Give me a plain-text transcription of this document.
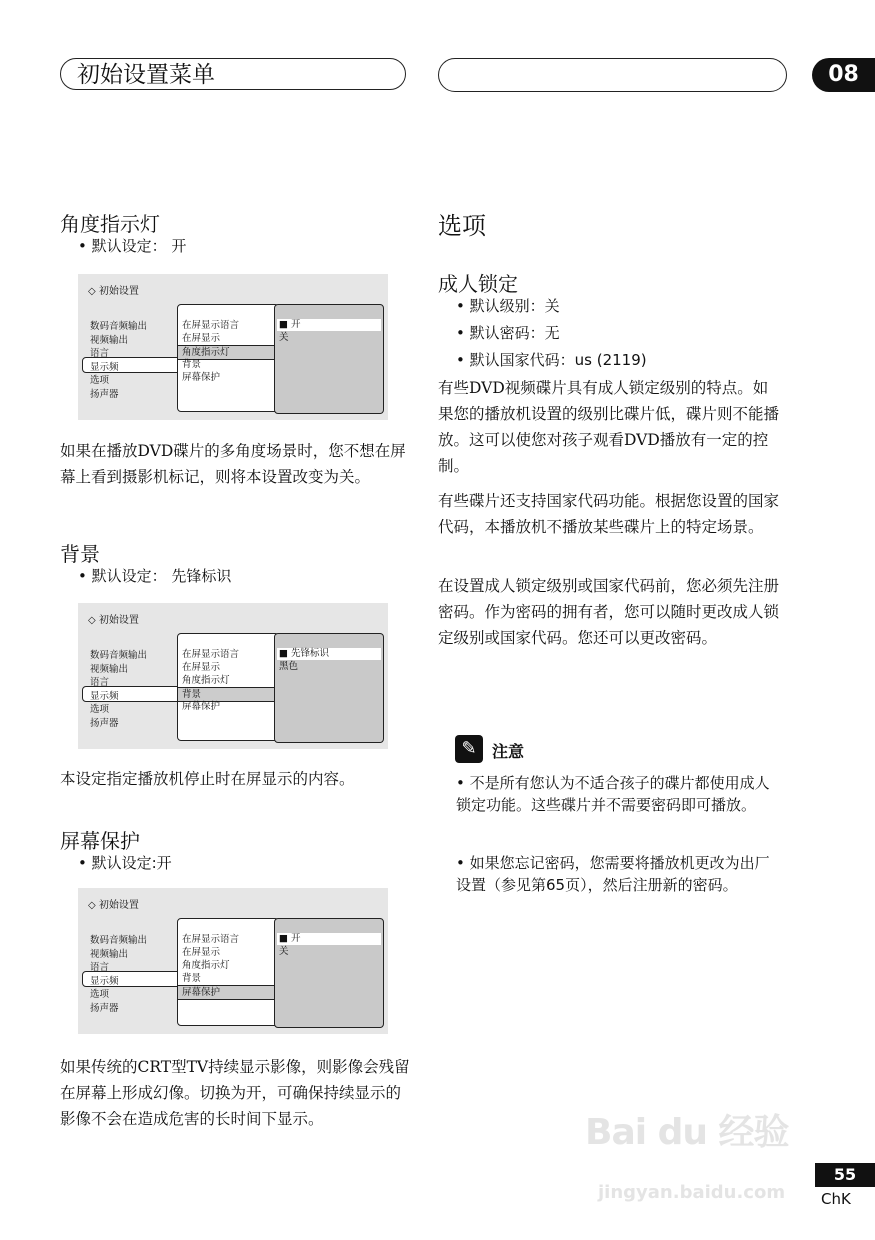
初始设置菜单	08
角度指示灯
• 默认设定： 开
◇ 初始设置
数码音频输出
视频输出
语言
显示频
选项
扬声器
在屏显示语言
在屏显示
角度指示灯
背景
屏幕保护
■ 开
关
如果在播放DVD碟片的多角度场景时，您不想在屏幕上看到摄影机标记，则将本设置改变为关。
背景
• 默认设定： 先锋标识
◇ 初始设置
数码音频输出
视频输出
语言
显示频
选项
扬声器
在屏显示语言
在屏显示
角度指示灯
背景
屏幕保护
■ 先锋标识
黑色
本设定指定播放机停止时在屏显示的内容。
屏幕保护
• 默认设定:开
◇ 初始设置
数码音频输出
视频输出
语言
显示频
选项
扬声器
在屏显示语言
在屏显示
角度指示灯
背景
屏幕保护
■ 开
关
如果传统的CRT型TV持续显示影像，则影像会残留在屏幕上形成幻像。切换为开，可确保持续显示的影像不会在造成危害的长时间下显示。
选项
成人锁定
• 默认级别：关
• 默认密码：无
• 默认国家代码：us (2119)
有些DVD视频碟片具有成人锁定级别的特点。如果您的播放机设置的级别比碟片低，碟片则不能播放。这可以使您对孩子观看DVD播放有一定的控制。
有些碟片还支持国家代码功能。根据您设置的国家代码，本播放机不播放某些碟片上的特定场景。
在设置成人锁定级别或国家代码前，您必须先注册密码。作为密码的拥有者，您可以随时更改成人锁定级别或国家代码。您还可以更改密码。
✎ 注意
• 不是所有您认为不适合孩子的碟片都使用成人锁定功能。这些碟片并不需要密码即可播放。
• 如果您忘记密码，您需要将播放机更改为出厂设置（参见第65页），然后注册新的密码。
Bai du 经验
jingyan.baidu.com
55
ChK
